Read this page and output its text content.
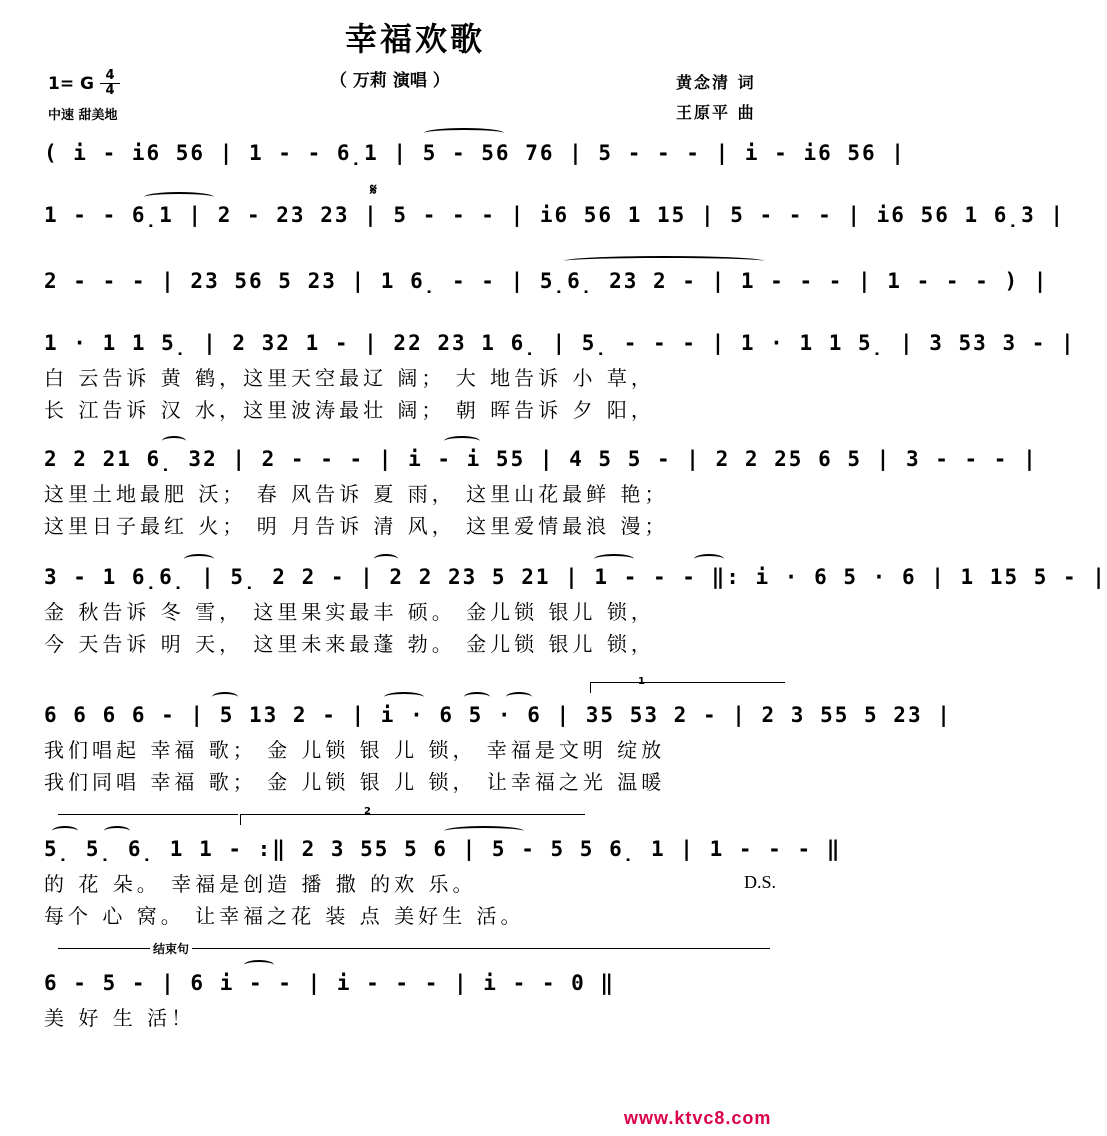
幸福欢歌
（ 万莉 演唱 ）
1= G 4
4
中速 甜美地
黄念清 词
王原平 曲
𝄋
( i - i6 56 | 1 - - 6̣1 | 5 - 56 76 | 5 - - - | i - i6 56 |
1 - - 6̣1 | 2 - 23 23 | 5 - - - | i6 56 1 15 | 5 - - - | i6 56 1 6̣3 |
2 - - - | 23 56 5 23 | 1 6̣ - - | 5̣6̣ 23 2 - | 1 - - - | 1 - - - ) |
1 · 1 1 5̣ | 2 32 1 - | 22 23 1 6̣ | 5̣ - - - | 1 · 1 1 5̣ | 3 53 3 - |
白 云告诉 黄 鹤，这里天空最辽 阔； 大 地告诉 小 草，
长 江告诉 汉 水，这里波涛最壮 阔； 朝 晖告诉 夕 阳，
2 2 21 6̣ 32 | 2 - - - | i - i 55 | 4 5 5 - | 2 2 25 6 5 | 3 - - - |
这里土地最肥 沃； 春 风告诉 夏 雨， 这里山花最鲜 艳；
这里日子最红 火； 明 月告诉 清 风， 这里爱情最浪 漫；
3 - 1 6̣6̣ | 5̣ 2 2 - | 2 2 23 5 21 | 1 - - - ‖: i · 6 5 · 6 | 1 15 5 - |
金 秋告诉 冬 雪， 这里果实最丰 硕。 金儿锁 银儿 锁，
今 天告诉 明 天， 这里未来最蓬 勃。 金儿锁 银儿 锁，
1
6 6 6 6 - | 5 13 2 - | i · 6 5 · 6 | 35 53 2 - | 2 3 55 5 23 |
我们唱起 幸福 歌； 金 儿锁 银 儿 锁， 幸福是文明 绽放
我们同唱 幸福 歌； 金 儿锁 银 儿 锁， 让幸福之光 温暖
2
5̣ 5̣ 6̣ 1 1 - :‖ 2 3 55 5 6 | 5 - 5 5 6̣ 1 | 1 - - - ‖
的 花 朵。 幸福是创造 播 撒 的欢 乐。
每个 心 窝。 让幸福之花 装 点 美好生 活。
D.S.
结束句
6 - 5 - | 6 i - - | i - - - | i - - 0 ‖
美 好 生 活！
www.ktvc8.com
